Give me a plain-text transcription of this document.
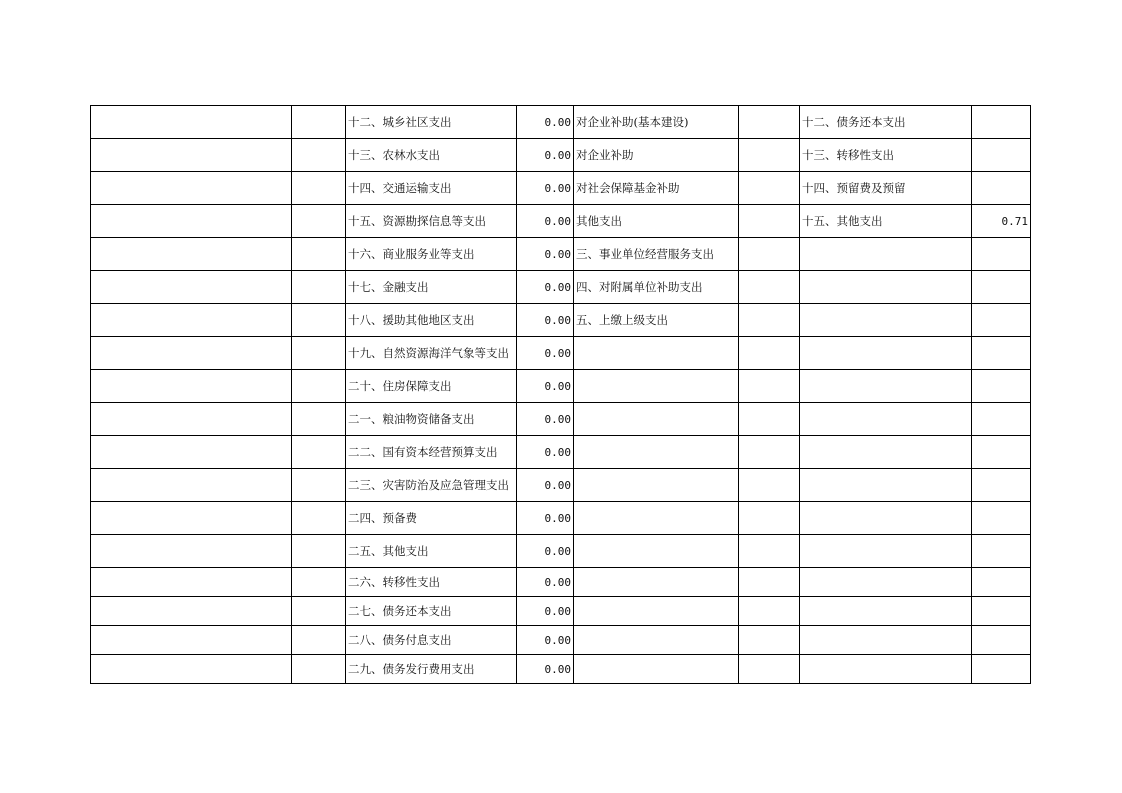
		十二、城乡社区支出	0.00	对企业补助(基本建设)		十二、债务还本支出	
		十三、农林水支出	0.00	对企业补助		十三、转移性支出	
		十四、交通运输支出	0.00	对社会保障基金补助		十四、预留费及预留	
		十五、资源勘探信息等支出	0.00	其他支出		十五、其他支出	0.71
		十六、商业服务业等支出	0.00	三、事业单位经营服务支出			
		十七、金融支出	0.00	四、对附属单位补助支出			
		十八、援助其他地区支出	0.00	五、上缴上级支出			
		十九、自然资源海洋气象等支出	0.00				
		二十、住房保障支出	0.00				
		二一、粮油物资储备支出	0.00				
		二二、国有资本经营预算支出	0.00				
		二三、灾害防治及应急管理支出	0.00				
		二四、预备费	0.00				
		二五、其他支出	0.00				
		二六、转移性支出	0.00				
		二七、债务还本支出	0.00				
		二八、债务付息支出	0.00				
		二九、债务发行费用支出	0.00				
